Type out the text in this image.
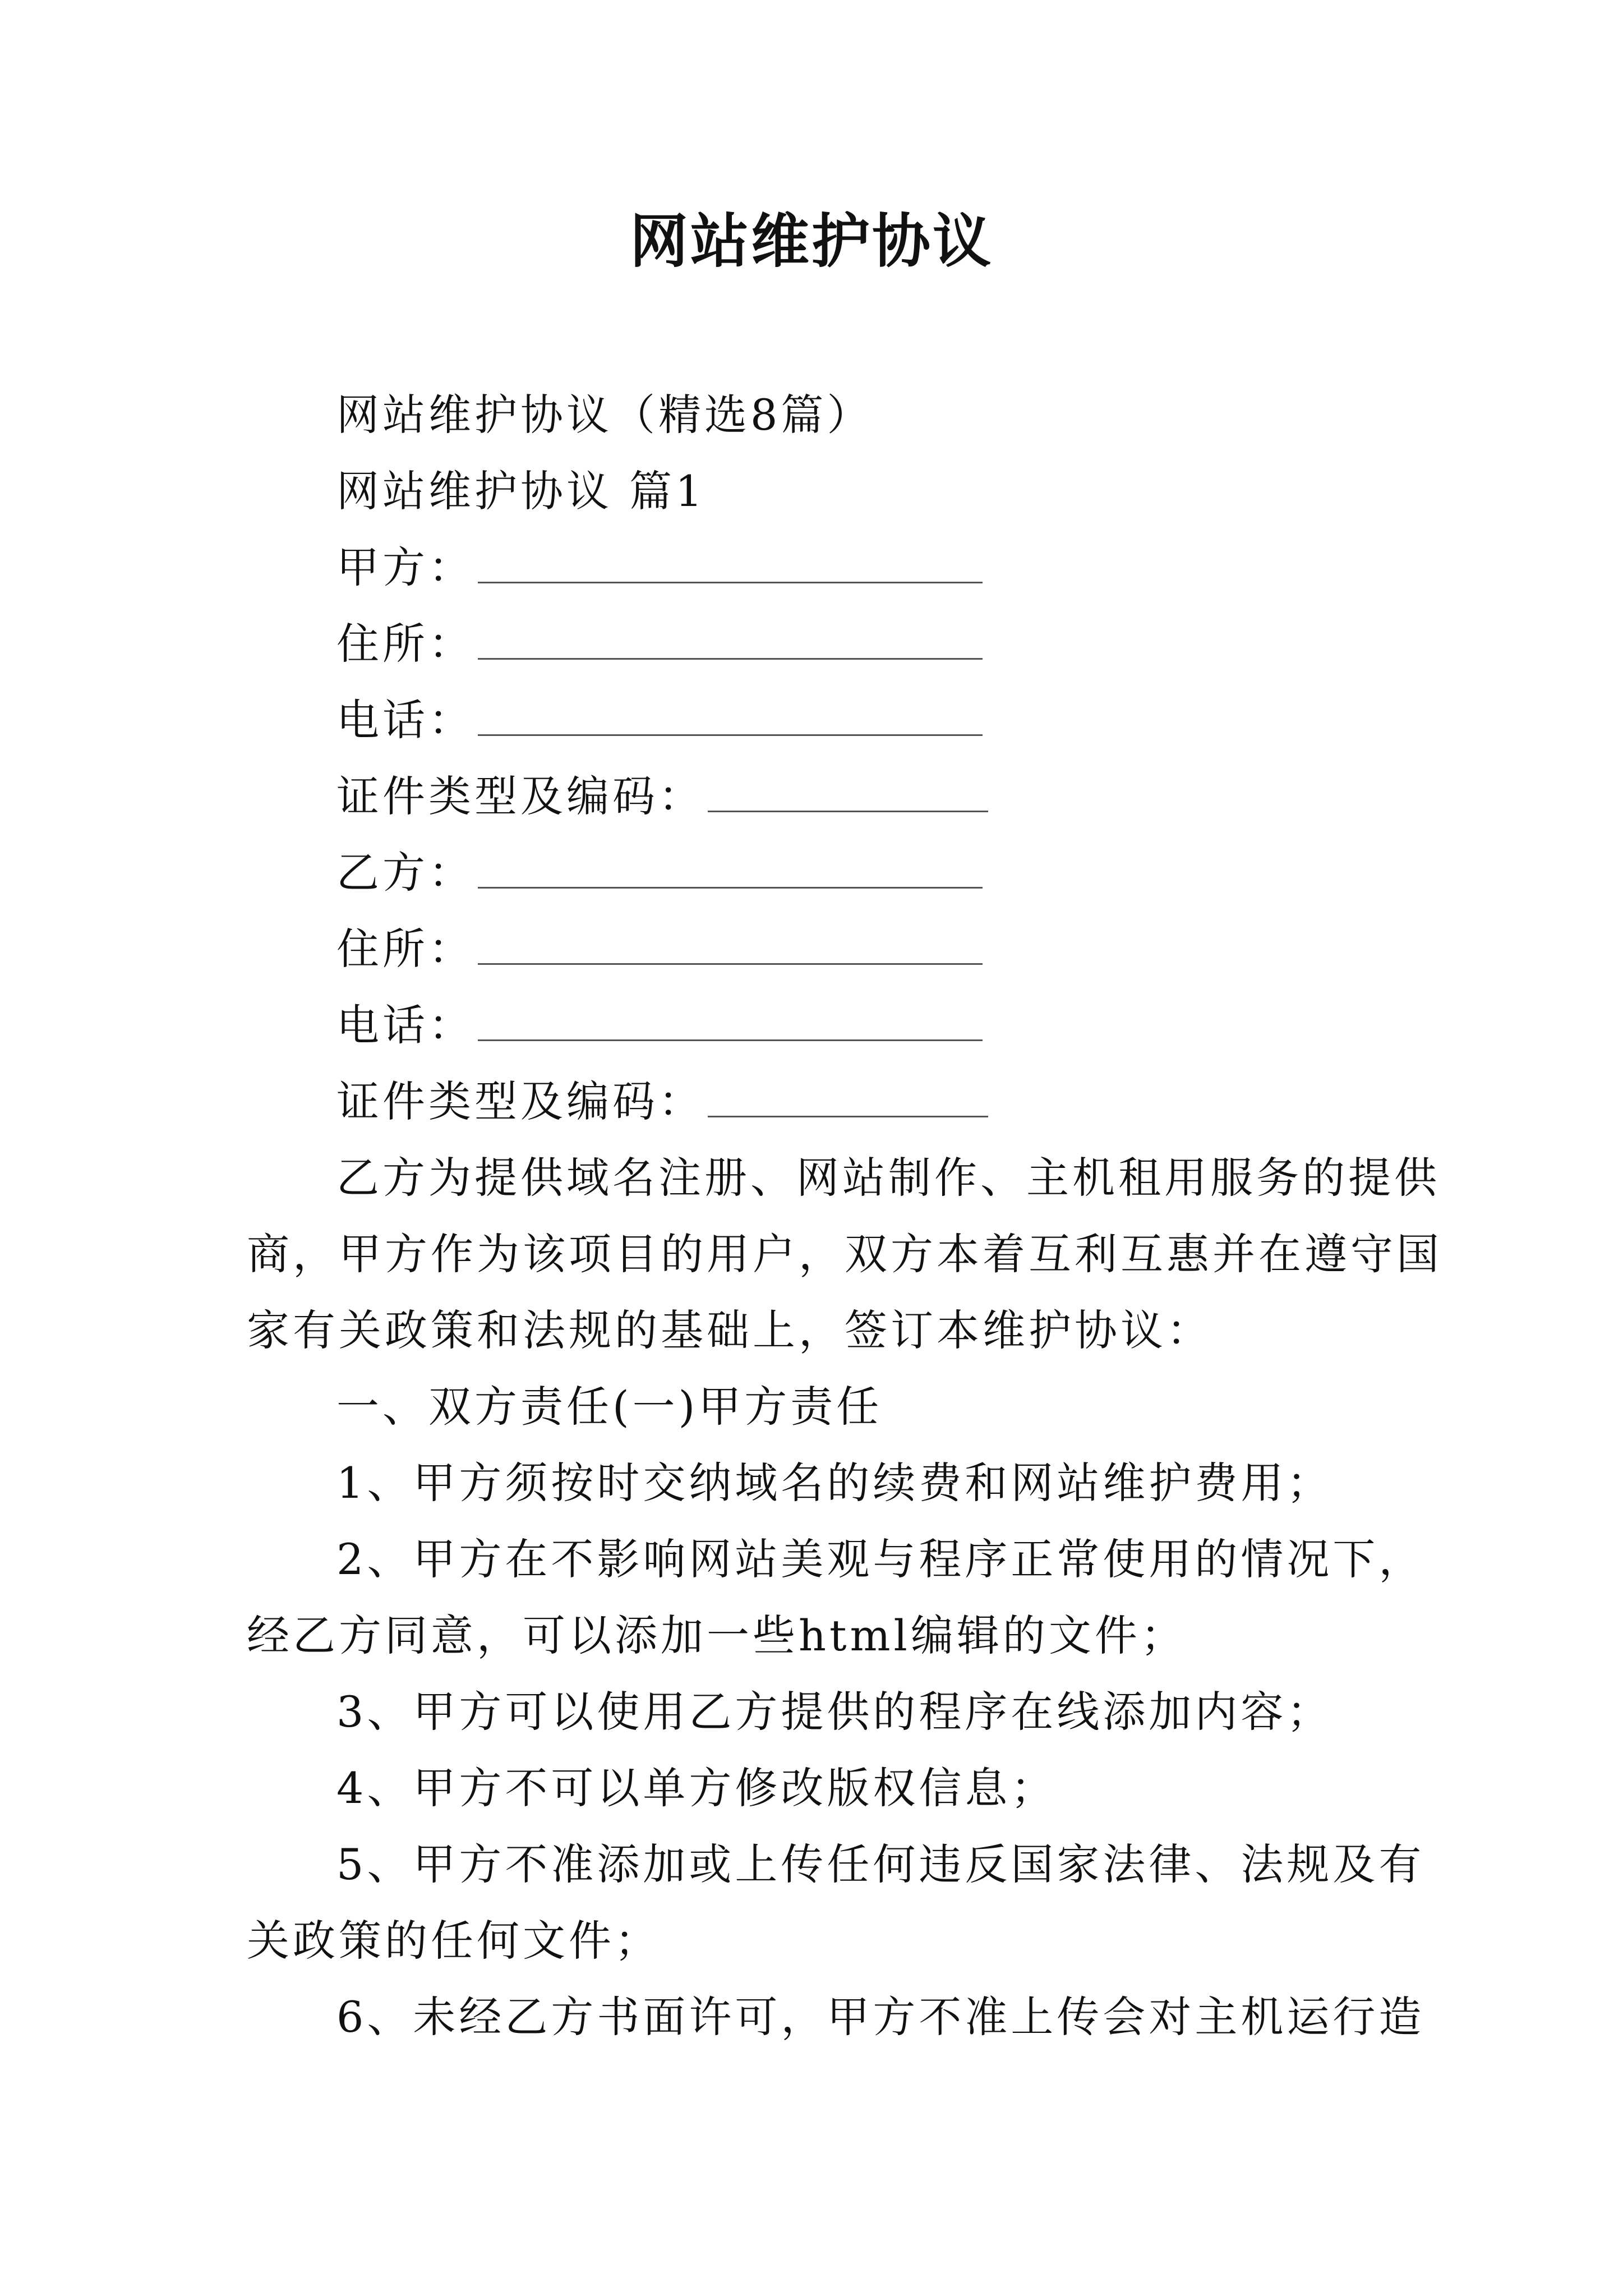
网站维护协议
网站维护协议（精选8篇）
网站维护协议 篇1
甲方：
住所：
电话：
证件类型及编码：
乙方：
住所：
电话：
证件类型及编码：
乙方为提供域名注册、网站制作、主机租用服务的提供
商，甲方作为该项目的用户，双方本着互利互惠并在遵守国
家有关政策和法规的基础上，签订本维护协议：
一、双方责任(一)甲方责任
1、甲方须按时交纳域名的续费和网站维护费用；
2、甲方在不影响网站美观与程序正常使用的情况下，
经乙方同意，可以添加一些html编辑的文件；
3、甲方可以使用乙方提供的程序在线添加内容；
4、甲方不可以单方修改版权信息；
5、甲方不准添加或上传任何违反国家法律、法规及有
关政策的任何文件；
6、未经乙方书面许可，甲方不准上传会对主机运行造
